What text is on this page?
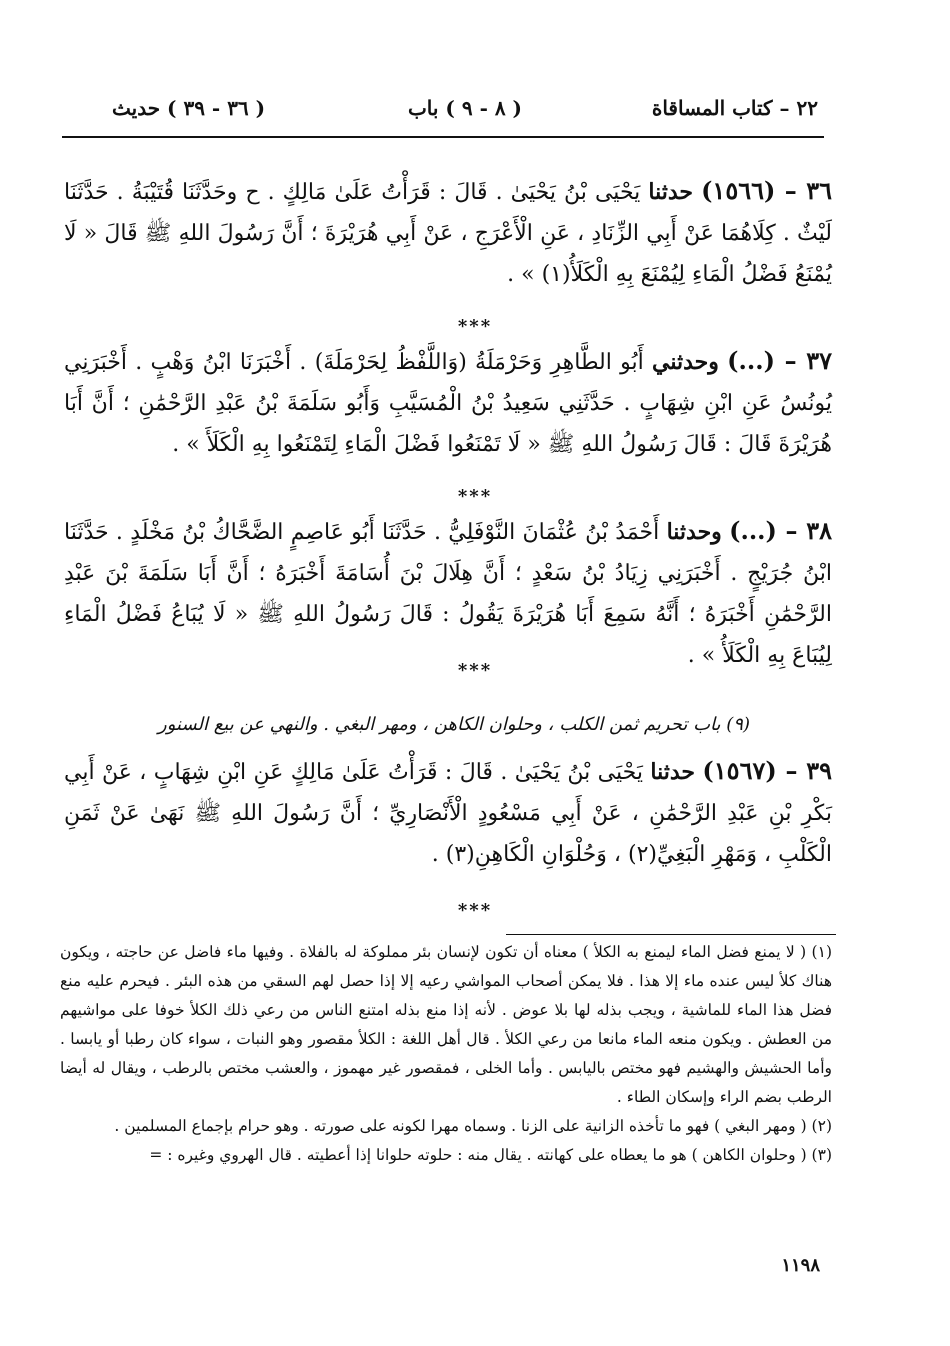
٢٢ – كتاب المساقاة
( ٨ - ٩ ) باب
( ٣٦ - ٣٩ ) حديث
٣٦ – (١٥٦٦) حدثنا يَحْيَى بْنُ يَحْيَىٰ . قَالَ : قَرَأْتُ عَلَىٰ مَالِكٍ . ح وحَدَّثَنَا قُتَيْبَةُ . حَدَّثَنَا لَيْثٌ . كِلَاهُمَا عَنْ أَبِي الزِّنَادِ ، عَنِ الْأَعْرَجِ ، عَنْ أَبِي هُرَيْرَةَ ؛ أَنَّ رَسُولَ اللهِ ﷺ قَالَ « لَا يُمْنَعُ فَضْلُ الْمَاءِ لِيُمْنَعَ بِهِ الْكَلَأُ(١) » .
***
٣٧ – (...) وحدثني أَبُو الطَّاهِرِ وَحَرْمَلَةُ (وَاللَّفْظُ لِحَرْمَلَةَ) . أَخْبَرَنَا ابْنُ وَهْبٍ . أَخْبَرَنِي يُونُسُ عَنِ ابْنِ شِهَابٍ . حَدَّثَنِي سَعِيدُ بْنُ الْمُسَيَّبِ وَأَبُو سَلَمَةَ بْنُ عَبْدِ الرَّحْمَٰنِ ؛ أَنَّ أَبَا هُرَيْرَةَ قَالَ : قَالَ رَسُولُ اللهِ ﷺ « لَا تَمْنَعُوا فَضْلَ الْمَاءِ لِتَمْنَعُوا بِهِ الْكَلَأَ » .
***
٣٨ – (...) وحدثنا أَحْمَدُ بْنُ عُثْمَانَ النَّوْفَلِيُّ . حَدَّثَنَا أَبُو عَاصِمٍ الضَّحَّاكُ بْنُ مَخْلَدٍ . حَدَّثَنَا ابْنُ جُرَيْجٍ . أَخْبَرَنِي زِيَادُ بْنُ سَعْدٍ ؛ أَنَّ هِلَالَ بْنَ أُسَامَةَ أَخْبَرَهُ ؛ أَنَّ أَبَا سَلَمَةَ بْنَ عَبْدِ الرَّحْمَٰنِ أَخْبَرَهُ ؛ أَنَّهُ سَمِعَ أَبَا هُرَيْرَةَ يَقُولُ : قَالَ رَسُولُ اللهِ ﷺ « لَا يُبَاعُ فَضْلُ الْمَاءِ لِيُبَاعَ بِهِ الْكَلَأُ » .
***
(٩) باب تحريم ثمن الكلب ، وحلوان الكاهن ، ومهر البغي . والنهي عن بيع السنور
٣٩ – (١٥٦٧) حدثنا يَحْيَى بْنُ يَحْيَىٰ . قَالَ : قَرَأْتُ عَلَىٰ مَالِكٍ عَنِ ابْنِ شِهَابٍ ، عَنْ أَبِي بَكْرِ بْنِ عَبْدِ الرَّحْمَٰنِ ، عَنْ أَبِي مَسْعُودٍ الْأَنْصَارِيِّ ؛ أَنَّ رَسُولَ اللهِ ﷺ نَهَىٰ عَنْ ثَمَنِ الْكَلْبِ ، وَمَهْرِ الْبَغِيِّ(٢) ، وَحُلْوَانِ الْكَاهِنِ(٣) .
***

(١) ( لا يمنع فضل الماء ليمنع به الكلأ ) معناه أن تكون لإنسان بئر مملوكة له بالفلاة . وفيها ماء فاضل عن حاجته ، ويكون هناك كلأ ليس عنده ماء إلا هذا . فلا يمكن أصحاب المواشي رعيه إلا إذا حصل لهم السقي من هذه البئر . فيحرم عليه منع فضل هذا الماء للماشية ، ويجب بذله لها بلا عوض . لأنه إذا منع بذله امتنع الناس من رعي ذلك الكلأ خوفا على مواشيهم من العطش . ويكون منعه الماء مانعا من رعي الكلأ . قال أهل اللغة : الكلأ مقصور وهو النبات ، سواء كان رطبا أو يابسا . وأما الحشيش والهشيم فهو مختص باليابس . وأما الخلى ، فمقصور غير مهموز ، والعشب مختص بالرطب ، ويقال له أيضا الرطب بضم الراء وإسكان الطاء .

(٢) ( ومهر البغي ) فهو ما تأخذه الزانية على الزنا . وسماه مهرا لكونه على صورته . وهو حرام بإجماع المسلمين .

(٣) ( وحلوان الكاهن ) هو ما يعطاه على كهانته . يقال منه : حلوته حلوانا إذا أعطيته . قال الهروي وغيره : =

١١٩٨
